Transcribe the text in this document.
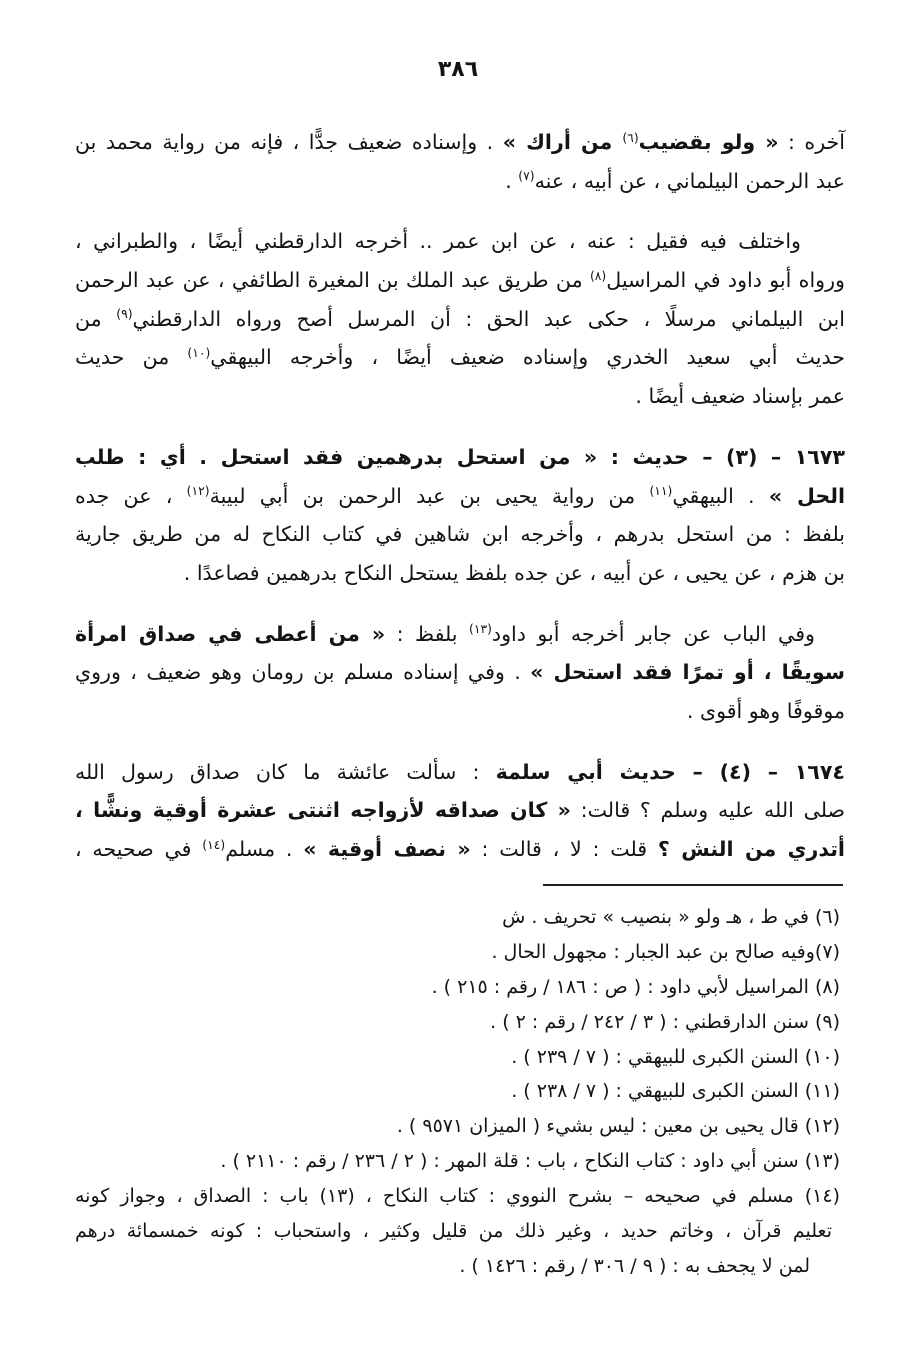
٣٨٦
آخره : « ولو بقضيب$^{(٦)}$ من أراك » . وإسناده ضعيف جدًّا ، فإنه من رواية محمد بن
عبد الرحمن البيلماني ، عن أبيه ، عنه$^{(٧)}$ .
واختلف فيه فقيل : عنه ، عن ابن عمر .. أخرجه الدارقطني أيضًا ، والطبراني ،
ورواه أبو داود في المراسيل$^{(٨)}$ من طريق عبد الملك بن المغيرة الطائفي ، عن عبد الرحمن
ابن البيلماني مرسلًا ، حكى عبد الحق : أن المرسل أصح ورواه الدارقطني$^{(٩)}$ من
حديث أبي سعيد الخدري وإسناده ضعيف أيضًا ، وأخرجه البيهقي$^{(١٠)}$ من حديث
عمر بإسناد ضعيف أيضًا .
١٦٧٣ – (٣) – حديث : « من استحل بدرهمين فقد استحل . أي : طلب
الحل » . البيهقي$^{(١١)}$ من رواية يحيى بن عبد الرحمن بن أبي لبيبة$^{(١٢)}$ ، عن جده
بلفظ : من استحل بدرهم ، وأخرجه ابن شاهين في كتاب النكاح له من طريق جارية
بن هزم ، عن يحيى ، عن أبيه ، عن جده بلفظ يستحل النكاح بدرهمين فصاعدًا .
وفي الباب عن جابر أخرجه أبو داود$^{(١٣)}$ بلفظ : « من أعطى في صداق امرأة
سويقًا ، أو تمرًا فقد استحل » . وفي إسناده مسلم بن رومان وهو ضعيف ، وروي
موقوفًا وهو أقوى .
١٦٧٤ – (٤) – حديث أبي سلمة : سألت عائشة ما كان صداق رسول الله
صلى الله عليه وسلم ؟ قالت: « كان صداقه لأزواجه اثنتى عشرة أوقية ونشًّا ،
أتدري من النش ؟ قلت : لا ، قالت : « نصف أوقية » . مسلم$^{(١٤)}$ في صحيحه ،
(٦) في ط ، هـ ولو « بنصيب » تحريف . ش
(٧)وفيه صالح بن عبد الجبار : مجهول الحال .
(٨) المراسيل لأبي داود : ( ص : ١٨٦ / رقم : ٢١٥ ) .
(٩) سنن الدارقطني : ( ٣ / ٢٤٢ / رقم : ٢ ) .
(١٠) السنن الكبرى للبيهقي : ( ٧ / ٢٣٩ ) .
(١١) السنن الكبرى للبيهقي : ( ٧ / ٢٣٨ ) .
(١٢) قال يحيى بن معين : ليس بشيء ( الميزان ٩٥٧١ ) .
(١٣) سنن أبي داود : كتاب النكاح ، باب : قلة المهر : ( ٢ / ٢٣٦ / رقم : ٢١١٠ ) .
(١٤) مسلم في صحيحه – بشرح النووي : كتاب النكاح ، (١٣) باب : الصداق ، وجواز كونه
تعليم قرآن ، وخاتم حديد ، وغير ذلك من قليل وكثير ، واستحباب : كونه خمسمائة درهم
لمن لا يجحف به : ( ٩ / ٣٠٦ / رقم : ١٤٢٦ ) .
